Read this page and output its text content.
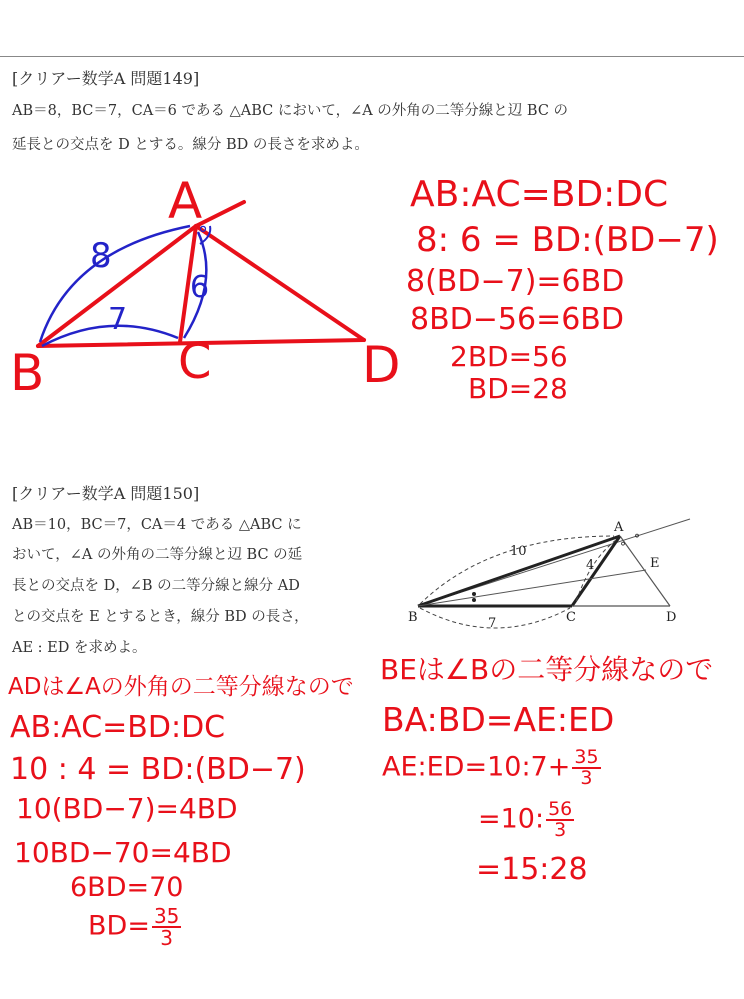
[クリアー数学A 問題149]
AB＝8，BC＝7，CA＝6 である △ABC において，∠A の外角の二等分線と辺 BC の
延長との交点を D とする。線分 BD の長さを求めよ。
A
B	C	D
8
7
6
°
AB:AC=BD:DC
8: 6 = BD:(BD−7)
8(BD−7)=6BD
8BD−56=6BD
2BD=56
BD=28
[クリアー数学A 問題150]
AB＝10，BC＝7，CA＝4 である △ABC に
おいて，∠A の外角の二等分線と辺 BC の延
長との交点を D，∠B の二等分線と線分 AD
との交点を E とするとき，線分 BD の長さ，
AE : ED を求めよ。
A
B	C	D
E
10
7
4
°
°
ADは∠Aの外角の二等分線なので
AB:AC=BD:DC
10 : 4 = BD:(BD−7)
10(BD−7)=4BD
10BD−70=4BD
6BD=70
$BD= \frac{35}{3}$
BEは∠Bの二等分線なので
BA:BD=AE:ED
AE:ED=10:7+ $\frac{35}{3}$
=10: $\frac{56}{3}$
=15:28
